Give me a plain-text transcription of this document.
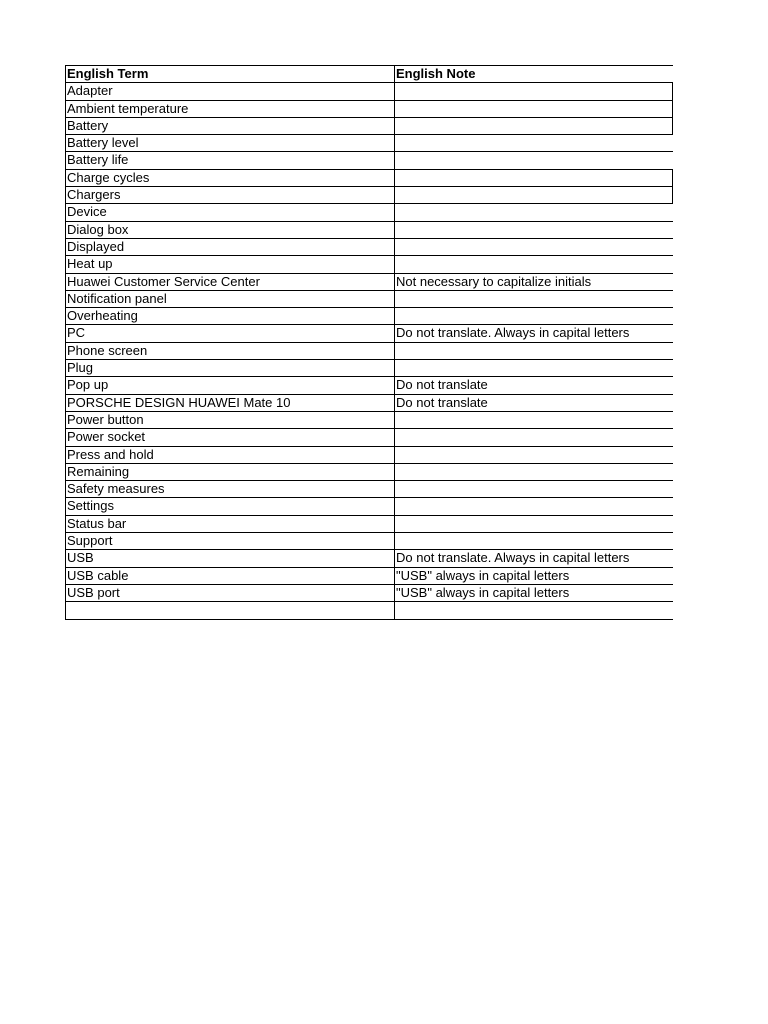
English Term	English Note
Adapter
Ambient temperature
Battery
Battery level
Battery life
Charge cycles
Chargers
Device
Dialog box
Displayed
Heat up
Huawei Customer Service Center	Not necessary to capitalize initials
Notification panel
Overheating
PC	Do not translate. Always in capital letters
Phone screen
Plug
Pop up	Do not translate
PORSCHE DESIGN HUAWEI Mate 10	Do not translate
Power button
Power socket
Press and hold
Remaining
Safety measures
Settings
Status bar
Support
USB	Do not translate. Always in capital letters
USB cable	"USB" always in capital letters
USB port	"USB" always in capital letters
